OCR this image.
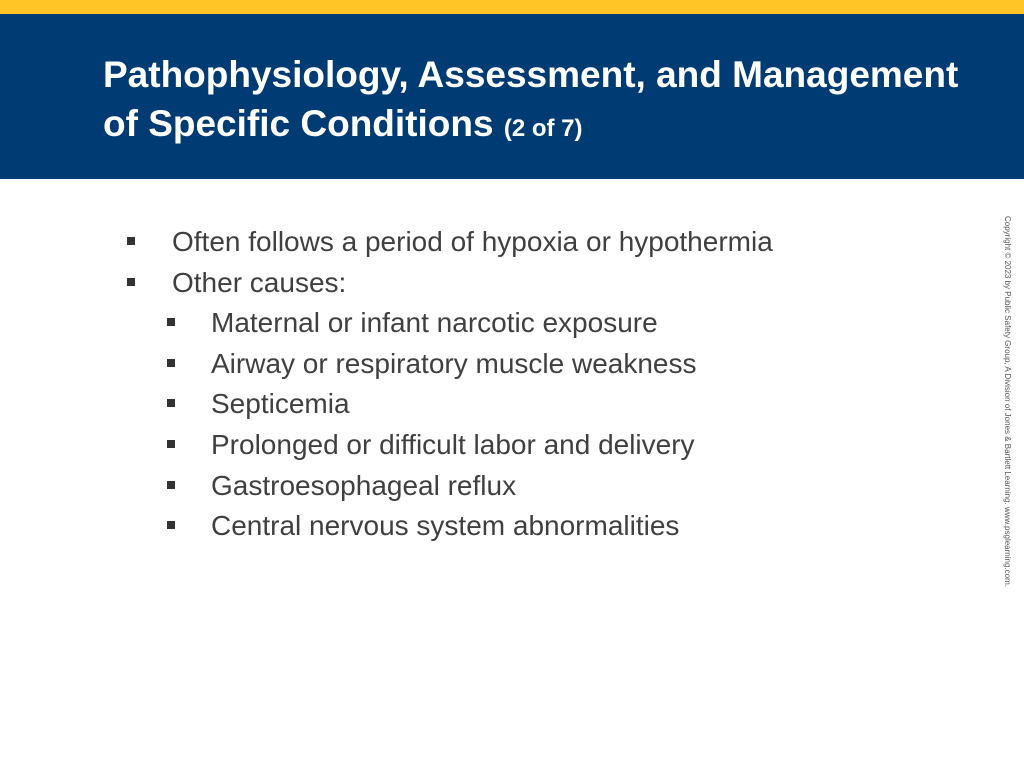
Pathophysiology, Assessment, and Management of Specific Conditions (2 of 7)
Often follows a period of hypoxia or hypothermia
Other causes:
Maternal or infant narcotic exposure
Airway or respiratory muscle weakness
Septicemia
Prolonged or difficult labor and delivery
Gastroesophageal reflux
Central nervous system abnormalities	Copyright © 2023 by Public Safety Group, A Division of Jones & Bartlett Learning. www.psglearning.com.
